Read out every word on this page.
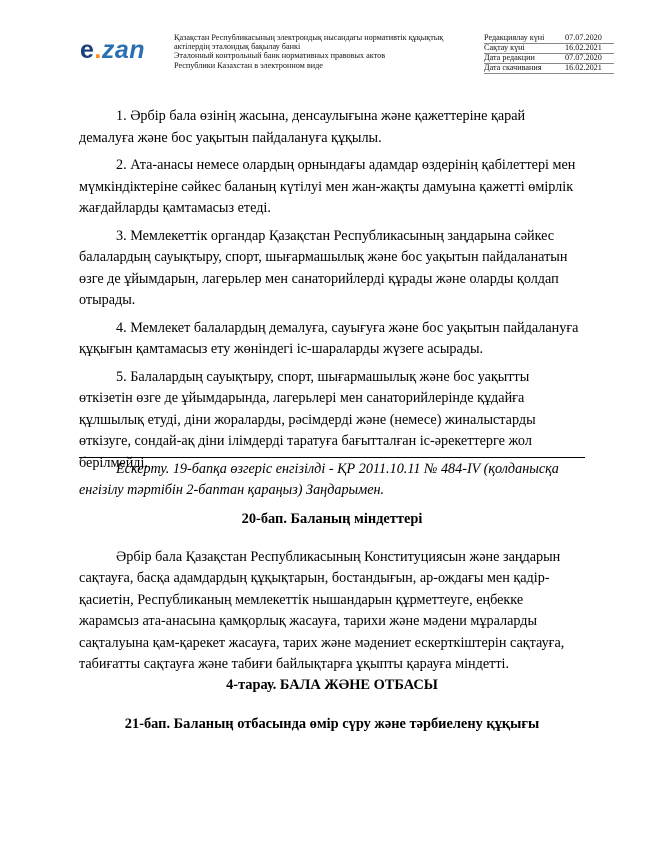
e.zan	Қазақстан Республикасының электрондық нысандағы нормативтік құқықтық
актілердің эталондық бақылау банкі
Эталонный контрольный банк нормативных правовых актов
Республики Казахстан в электронном виде
Редакциялау күні	07.07.2020
Сақтау күні	16.02.2021
Дата редакции	07.07.2020
Дата скачивания	16.02.2021

1. Әрбір бала өзінің жасына, денсаулығына және қажеттеріне қарай
демалуға және бос уақытын пайдалануға құқылы.

2. Ата-анасы немесе олардың орнындағы адамдар өздерінің қабілеттері мен
мүмкіндіктеріне сәйкес баланың күтілуі мен жан-жақты дамуына қажетті өмірлік
жағдайларды қамтамасыз етеді.

3. Мемлекеттік органдар Қазақстан Республикасының заңдарына сәйкес
балалардың сауықтыру, спорт, шығармашылық және бос уақытын пайдаланатын
өзге де ұйымдарын, лагерьлер мен санаторийлерді құрады және оларды қолдап
отырады.

4. Мемлекет балалардың демалуға, сауығуға және бос уақытын пайдалануға
құқығын қамтамасыз ету жөніндегі іс-шараларды жүзеге асырады.

5. Балалардың сауықтыру, спорт, шығармашылық және бос уақытты
өткізетін өзге де ұйымдарында, лагерьлері мен санаторийлерінде құдайға
құлшылық етуді, діни жораларды, рәсімдерді және (немесе) жиналыстарды
өткізуге, сондай-ақ діни ілімдерді таратуға бағытталған іс-әрекеттерге жол
берілмейді.

Ескерту. 19-бапқа өзгеріс енгізілді - ҚР 2011.10.11 № 484-IV (қолданысқа
енгізілу тәртібін 2-баптан қараңыз) Заңдарымен.
20-бап. Баланың міндеттері

Әрбір бала Қазақстан Республикасының Конституциясын және заңдарын
сақтауға, басқа адамдардың құқықтарын, бостандығын, ар-ождағы мен қадір-
қасиетін, Республиканың мемлекеттік нышандарын құрметтеуге, еңбекке
жарамсыз ата-анасына қамқорлық жасауға, тарихи және мәдени мұраларды
сақталуына қам-қарекет жасауға, тарих және мәдениет ескерткіштерін сақтауға,
табиғатты сақтауға және табиғи байлықтарға ұқыпты қарауға міндетті.

4-тарау. БАЛА ЖӘНЕ ОТБАСЫ
21-бап. Баланың отбасында өмір сүру және тәрбиелену құқығы
